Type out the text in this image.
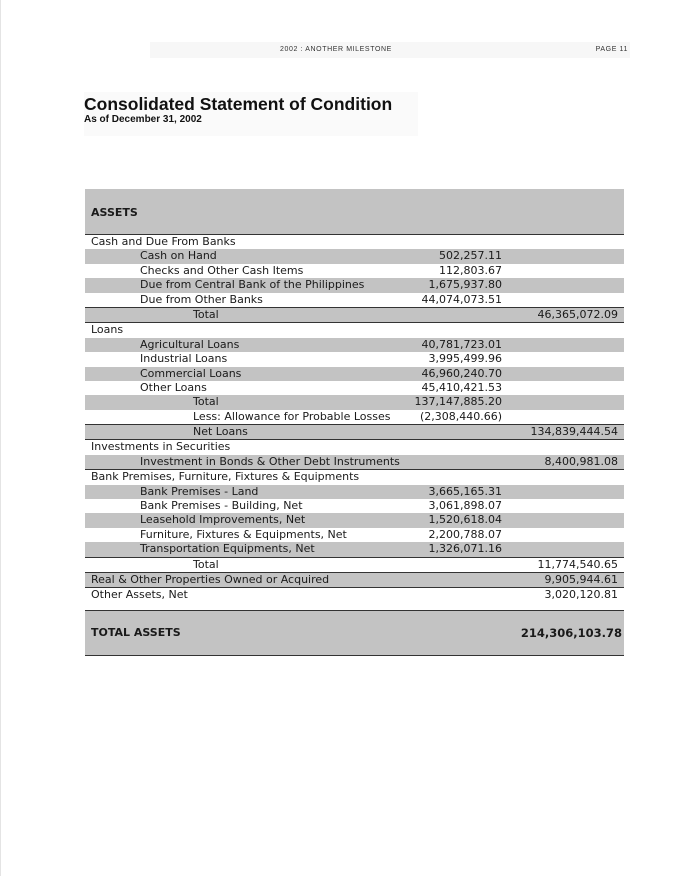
2002 : ANOTHER MILESTONE	PAGE 11
Consolidated Statement of Condition

As of December 31, 2002

ASSETS
Cash and Due From Banks
Cash on Hand	502,257.11
Checks and Other Cash Items	112,803.67
Due from Central Bank of the Philippines	1,675,937.80
Due from Other Banks	44,074,073.51
Total	46,365,072.09
Loans
Agricultural Loans	40,781,723.01
Industrial Loans	3,995,499.96
Commercial Loans	46,960,240.70
Other Loans	45,410,421.53
Total	137,147,885.20
Less: Allowance for Probable Losses	(2,308,440.66)
Net Loans	134,839,444.54
Investments in Securities
Investment in Bonds & Other Debt Instruments	8,400,981.08
Bank Premises, Furniture, Fixtures & Equipments
Bank Premises - Land	3,665,165.31
Bank Premises - Building, Net	3,061,898.07
Leasehold Improvements, Net	1,520,618.04
Furniture, Fixtures & Equipments, Net	2,200,788.07
Transportation Equipments, Net	1,326,071.16
Total	11,774,540.65
Real & Other Properties Owned or Acquired	9,905,944.61
Other Assets, Net	3,020,120.81
TOTAL ASSETS	214,306,103.78
